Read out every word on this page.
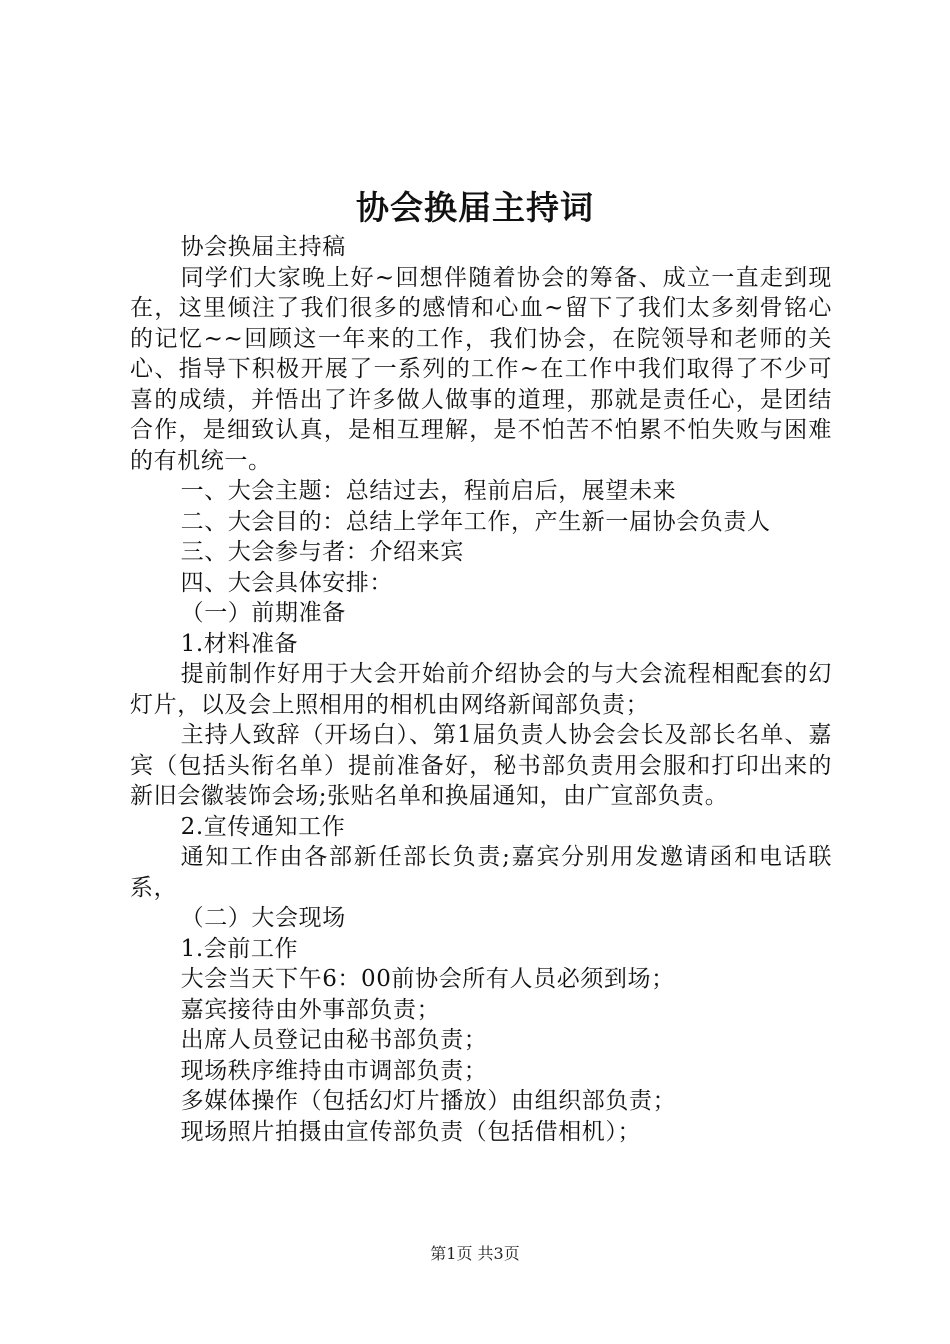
协会换届主持词

协会换届主持稿

同学们大家晚上好~回想伴随着协会的筹备、成立一直走到现在，这里倾注了我们很多的感情和心血~留下了我们太多刻骨铭心的记忆~~回顾这一年来的工作，我们协会，在院领导和老师的关心、指导下积极开展了一系列的工作~在工作中我们取得了不少可喜的成绩，并悟出了许多做人做事的道理，那就是责任心，是团结合作，是细致认真，是相互理解，是不怕苦不怕累不怕失败与困难的有机统一。

一、大会主题：总结过去，程前启后，展望未来

二、大会目的：总结上学年工作，产生新一届协会负责人

三、大会参与者：介绍来宾

四、大会具体安排：

（一）前期准备

1.材料准备

提前制作好用于大会开始前介绍协会的与大会流程相配套的幻灯片，以及会上照相用的相机由网络新闻部负责；

主持人致辞（开场白）、第1届负责人协会会长及部长名单、嘉宾（包括头衔名单）提前准备好，秘书部负责用会服和打印出来的新旧会徽装饰会场;张贴名单和换届通知，由广宣部负责。

2.宣传通知工作

通知工作由各部新任部长负责;嘉宾分别用发邀请函和电话联系，

（二）大会现场

1.会前工作

大会当天下午6：00前协会所有人员必须到场；

嘉宾接待由外事部负责；

出席人员登记由秘书部负责；

现场秩序维持由市调部负责；

多媒体操作（包括幻灯片播放）由组织部负责；

现场照片拍摄由宣传部负责（包括借相机）；

第1页 共3页
